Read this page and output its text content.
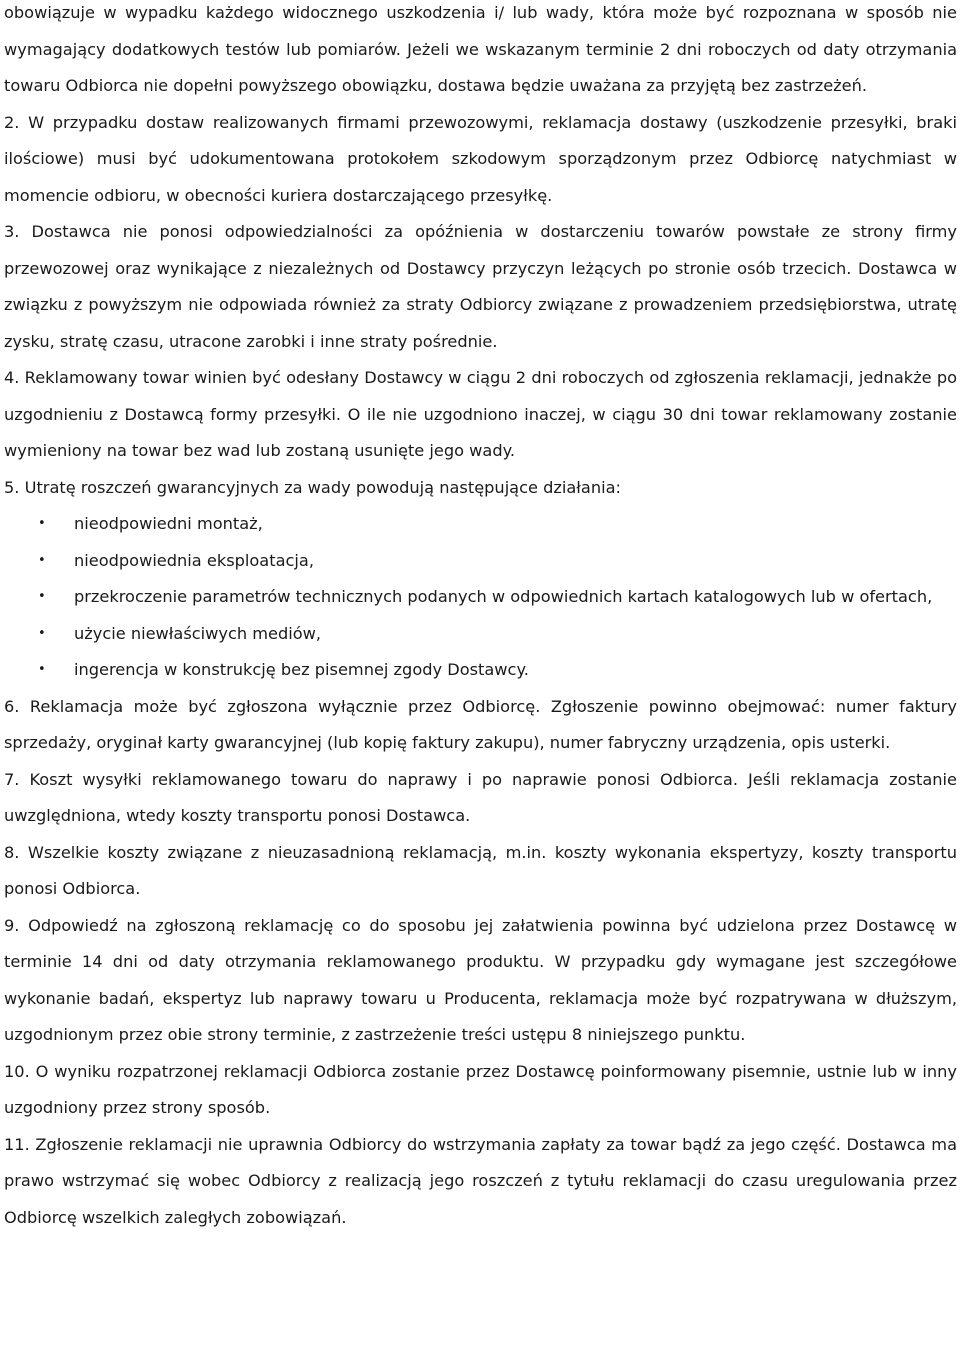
obowiązuje w wypadku każdego widocznego uszkodzenia i/ lub wady, która może być rozpoznana w sposób nie wymagający dodatkowych testów lub pomiarów. Jeżeli we wskazanym terminie 2 dni roboczych od daty otrzymania towaru Odbiorca nie dopełni powyższego obowiązku, dostawa będzie uważana za przyjętą bez zastrzeżeń.

2. W przypadku dostaw realizowanych firmami przewozowymi, reklamacja dostawy (uszkodzenie przesyłki, braki ilościowe) musi być udokumentowana protokołem szkodowym sporządzonym przez Odbiorcę natychmiast w momencie odbioru, w obecności kuriera dostarczającego przesyłkę.

3. Dostawca nie ponosi odpowiedzialności za opóźnienia w dostarczeniu towarów powstałe ze strony firmy przewozowej oraz wynikające z niezależnych od Dostawcy przyczyn leżących po stronie osób trzecich. Dostawca w związku z powyższym nie odpowiada również za straty Odbiorcy związane z prowadzeniem przedsiębiorstwa, utratę zysku, stratę czasu, utracone zarobki i inne straty pośrednie.

4. Reklamowany towar winien być odesłany Dostawcy w ciągu 2 dni roboczych od zgłoszenia reklamacji, jednakże po uzgodnieniu z Dostawcą formy przesyłki. O ile nie uzgodniono inaczej, w ciągu 30 dni towar reklamowany zostanie wymieniony na towar bez wad lub zostaną usunięte jego wady.

5. Utratę roszczeń gwarancyjnych za wady powodują następujące działania:

• nieodpowiedni montaż,
• nieodpowiednia eksploatacja,
• przekroczenie parametrów technicznych podanych w odpowiednich kartach katalogowych lub w ofertach,
• użycie niewłaściwych mediów,
• ingerencja w konstrukcję bez pisemnej zgody Dostawcy.

6. Reklamacja może być zgłoszona wyłącznie przez Odbiorcę. Zgłoszenie powinno obejmować: numer faktury sprzedaży, oryginał karty gwarancyjnej (lub kopię faktury zakupu), numer fabryczny urządzenia, opis usterki.

7. Koszt wysyłki reklamowanego towaru do naprawy i po naprawie ponosi Odbiorca. Jeśli reklamacja zostanie uwzględniona, wtedy koszty transportu ponosi Dostawca.

8. Wszelkie koszty związane z nieuzasadnioną reklamacją, m.in. koszty wykonania ekspertyzy, koszty transportu ponosi Odbiorca.

9. Odpowiedź na zgłoszoną reklamację co do sposobu jej załatwienia powinna być udzielona przez Dostawcę w terminie 14 dni od daty otrzymania reklamowanego produktu. W przypadku gdy wymagane jest szczegółowe wykonanie badań, ekspertyz lub naprawy towaru u Producenta, reklamacja może być rozpatrywana w dłuższym, uzgodnionym przez obie strony terminie, z zastrzeżenie treści ustępu 8 niniejszego punktu.

10. O wyniku rozpatrzonej reklamacji Odbiorca zostanie przez Dostawcę poinformowany pisemnie, ustnie lub w inny uzgodniony przez strony sposób.

11. Zgłoszenie reklamacji nie uprawnia Odbiorcy do wstrzymania zapłaty za towar bądź za jego część. Dostawca ma prawo wstrzymać się wobec Odbiorcy z realizacją jego roszczeń z tytułu reklamacji do czasu uregulowania przez Odbiorcę wszelkich zaległych zobowiązań.
